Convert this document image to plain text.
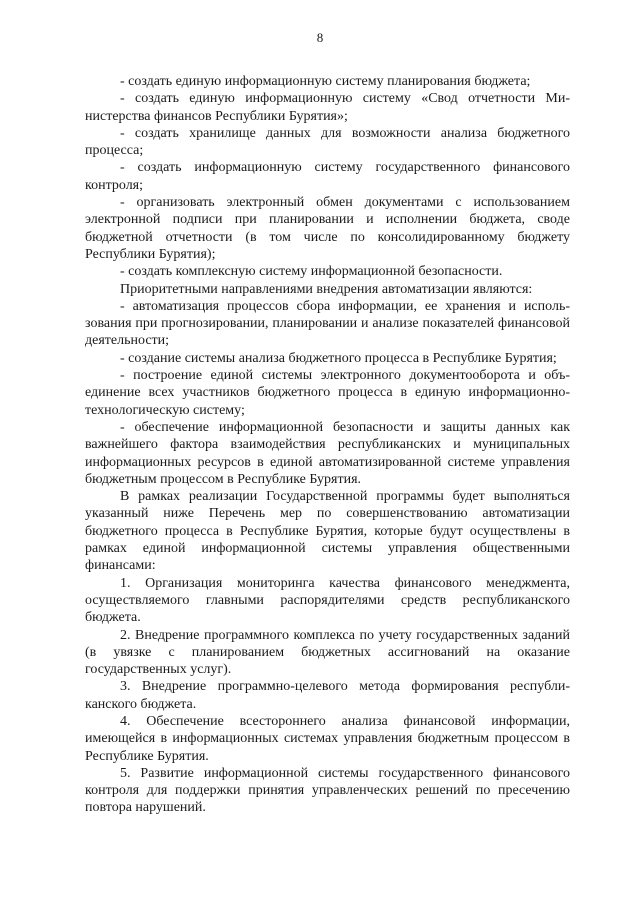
8

- создать единую информационную систему планирования бюджета;

- создать единую информационную систему «Свод отчетности Министерства финансов Республики Бурятия»;

- создать хранилище данных для возможности анализа бюджетного процесса;

- создать информационную систему государственного финансового контроля;

- организовать электронный обмен документами с использованием электронной подписи при планировании и исполнении бюджета, своде бюджетной отчетности (в том числе по консолидированному бюджету Республики Бурятия);

- создать комплексную систему информационной безопасности.

Приоритетными направлениями внедрения автоматизации являются:

- автоматизация процессов сбора информации, ее хранения и использования при прогнозировании, планировании и анализе показателей финансовой деятельности;

- создание системы анализа бюджетного процесса в Республике Бурятия;

- построение единой системы электронного документооборота и объединение всех участников бюджетного процесса в единую информационно-технологическую систему;

- обеспечение информационной безопасности и защиты данных как важнейшего фактора взаимодействия республиканских и муниципальных информационных ресурсов в единой автоматизированной системе управления бюджетным процессом в Республике Бурятия.

В рамках реализации Государственной программы будет выполняться указанный ниже Перечень мер по совершенствованию автоматизации бюджетного процесса в Республике Бурятия, которые будут осуществлены в рамках единой информационной системы управления общественными финансами:

1. Организация мониторинга качества финансового менеджмента, осуществляемого главными распорядителями средств республиканского бюджета.

2. Внедрение программного комплекса по учету государственных заданий (в увязке с планированием бюджетных ассигнований на оказание государственных услуг).

3. Внедрение программно-целевого метода формирования республиканского бюджета.

4. Обеспечение всестороннего анализа финансовой информации, имеющейся в информационных системах управления бюджетным процессом в Республике Бурятия.

5. Развитие информационной системы государственного финансового контроля для поддержки принятия управленческих решений по пресечению повтора нарушений.
